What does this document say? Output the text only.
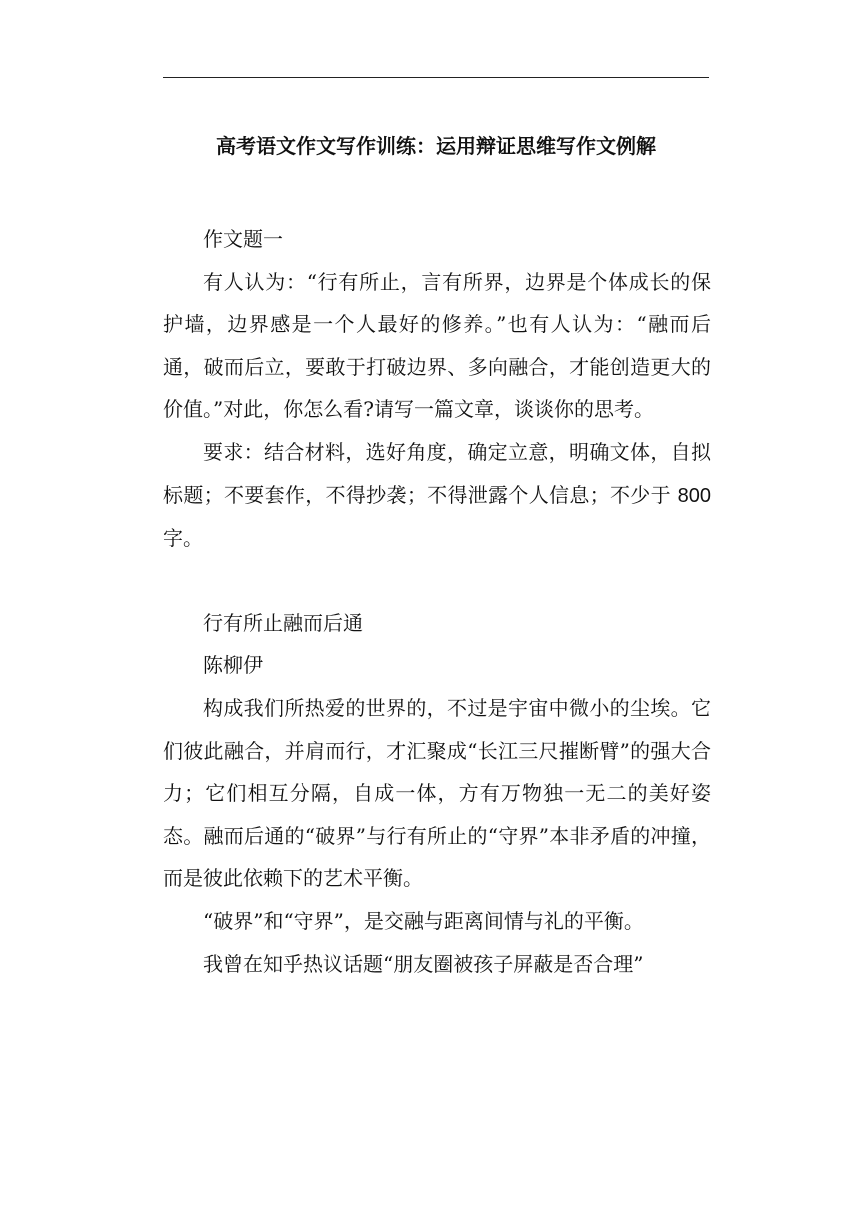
高考语文作文写作训练：运用辩证思维写作文例解

作文题一

有人认为：“行有所止，言有所界，边界是个体成长的保护墙，边界感是一个人最好的修养。”也有人认为：“融而后通，破而后立，要敢于打破边界、多向融合，才能创造更大的价值。”对此，你怎么看?请写一篇文章，谈谈你的思考。

要求：结合材料，选好角度，确定立意，明确文体，自拟标题；不要套作，不得抄袭；不得泄露个人信息；不少于 800 字。

行有所止融而后通

陈柳伊

构成我们所热爱的世界的，不过是宇宙中微小的尘埃。它们彼此融合，并肩而行，才汇聚成“长江三尺摧断臂”的强大合力；它们相互分隔，自成一体，方有万物独一无二的美好姿态。融而后通的“破界”与行有所止的“守界”本非矛盾的冲撞，而是彼此依赖下的艺术平衡。

“破界”和“守界”，是交融与距离间情与礼的平衡。

我曾在知乎热议话题“朋友圈被孩子屏蔽是否合理”
